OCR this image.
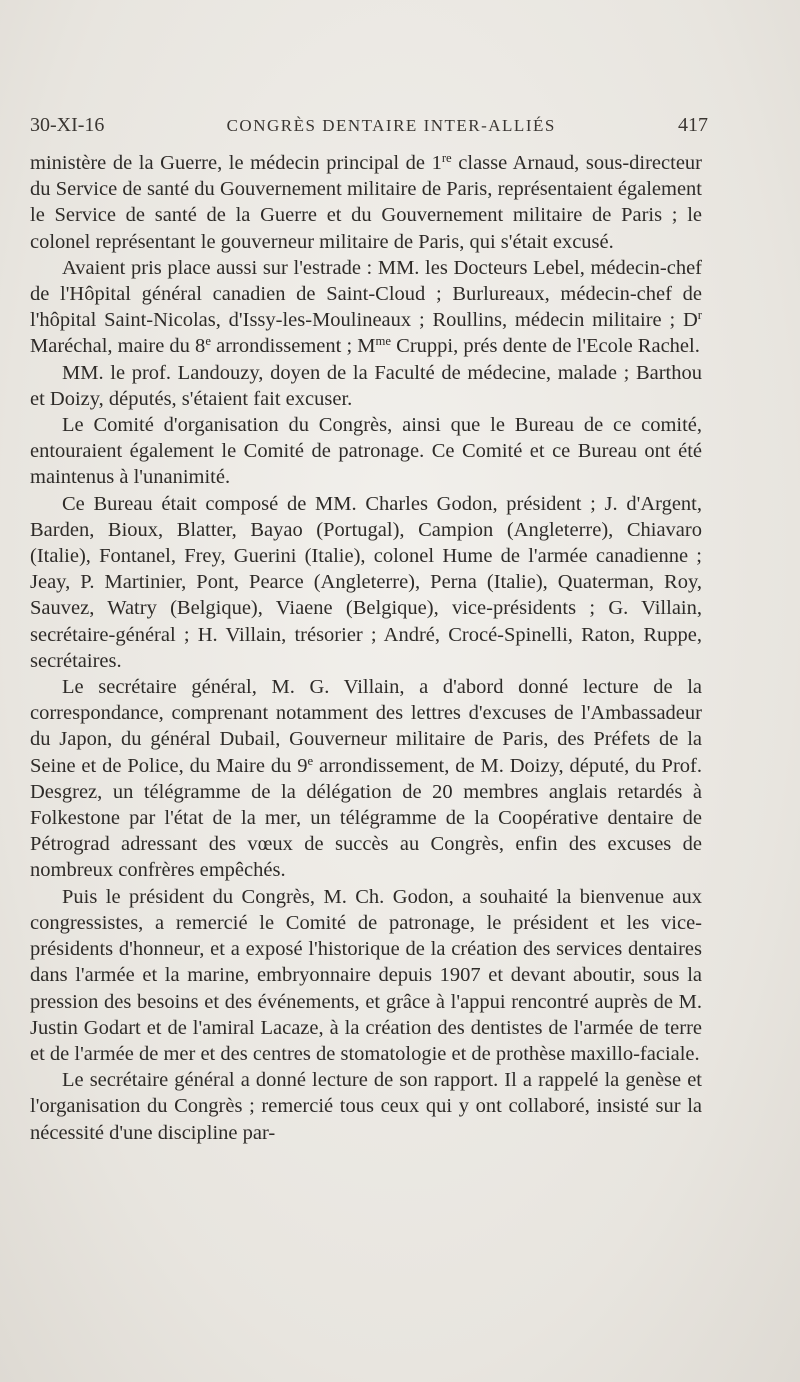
30-XI-16	CONGRÈS DENTAIRE INTER-ALLIÉS	417

ministère de la Guerre, le médecin principal de 1re classe Arnaud, sous-directeur du Service de santé du Gouvernement militaire de Paris, représentaient également le Service de santé de la Guerre et du Gouvernement militaire de Paris ; le colonel représentant le gouverneur militaire de Paris, qui s'était excusé.

Avaient pris place aussi sur l'estrade : MM. les Docteurs Lebel, médecin-chef de l'Hôpital général canadien de Saint-Cloud ; Burlureaux, médecin-chef de l'hôpital Saint-Nicolas, d'Issy-les-Moulineaux ; Roullins, médecin militaire ; $D^r$ Maréchal, maire du 8e arrondissement ; $M^{me}$ Cruppi, prés dente de l'Ecole Rachel.

MM. le prof. Landouzy, doyen de la Faculté de médecine, malade ; Barthou et Doizy, députés, s'étaient fait excuser.

Le Comité d'organisation du Congrès, ainsi que le Bureau de ce comité, entouraient également le Comité de patronage. Ce Comité et ce Bureau ont été maintenus à l'unanimité.

Ce Bureau était composé de MM. Charles Godon, président ; J. d'Argent, Barden, Bioux, Blatter, Bayao (Portugal), Campion (Angleterre), Chiavaro (Italie), Fontanel, Frey, Guerini (Italie), colonel Hume de l'armée canadienne ; Jeay, P. Martinier, Pont, Pearce (Angleterre), Perna (Italie), Quaterman, Roy, Sauvez, Watry (Belgique), Viaene (Belgique), vice-présidents ; G. Villain, secrétaire-général ; H. Villain, trésorier ; André, Crocé-Spinelli, Raton, Ruppe, secrétaires.

Le secrétaire général, M. G. Villain, a d'abord donné lecture de la correspondance, comprenant notamment des lettres d'excuses de l'Ambassadeur du Japon, du général Dubail, Gouverneur militaire de Paris, des Préfets de la Seine et de Police, du Maire du 9e arrondissement, de M. Doizy, député, du Prof. Desgrez, un télégramme de la délégation de 20 membres anglais retardés à Folkestone par l'état de la mer, un télégramme de la Coopérative dentaire de Pétrograd adressant des vœux de succès au Congrès, enfin des excuses de nombreux confrères empêchés.

Puis le président du Congrès, M. Ch. Godon, a souhaité la bienvenue aux congressistes, a remercié le Comité de patronage, le président et les vice-présidents d'honneur, et a exposé l'historique de la création des services dentaires dans l'armée et la marine, embryonnaire depuis 1907 et devant aboutir, sous la pression des besoins et des événements, et grâce à l'appui rencontré auprès de M. Justin Godart et de l'amiral Lacaze, à la création des dentistes de l'armée de terre et de l'armée de mer et des centres de stomatologie et de prothèse maxillo-faciale.

Le secrétaire général a donné lecture de son rapport. Il a rappelé la genèse et l'organisation du Congrès ; remercié tous ceux qui y ont collaboré, insisté sur la nécessité d'une discipline par-
